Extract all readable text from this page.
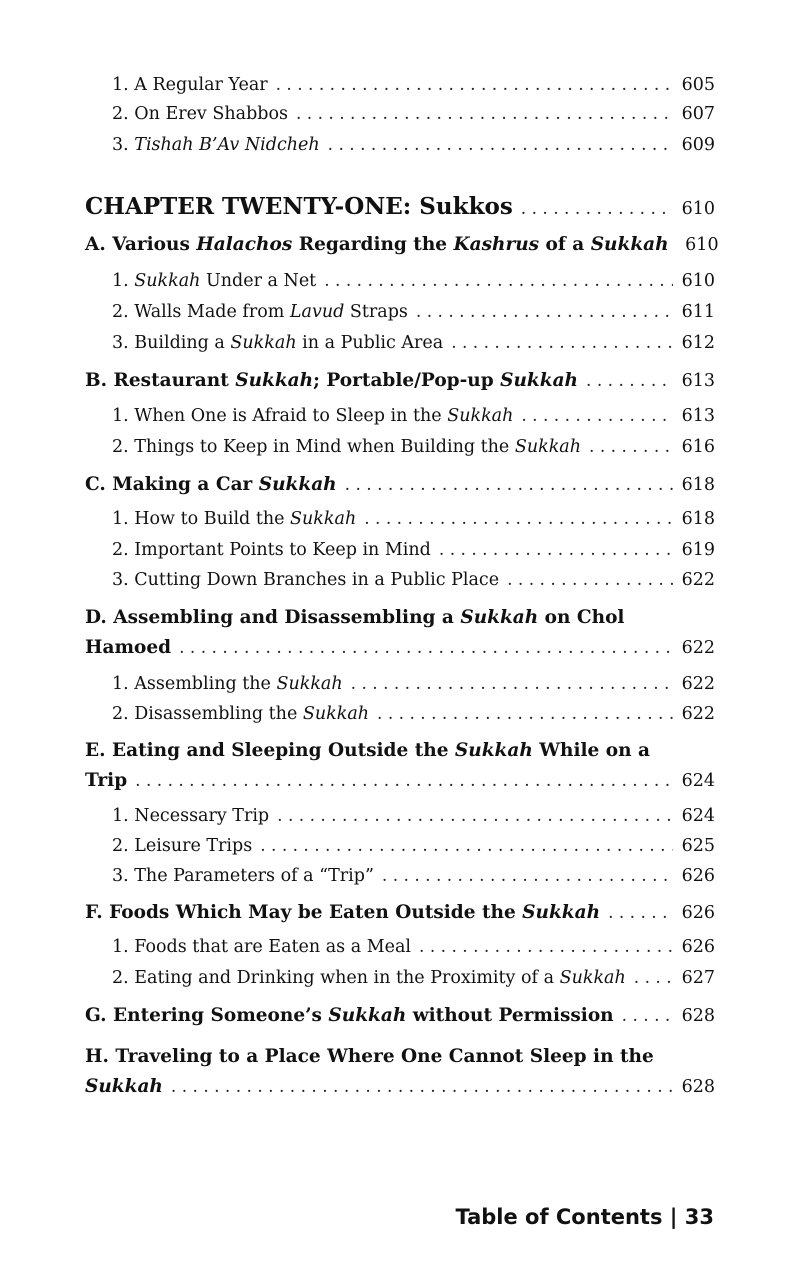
1. A Regular Year . . .	605
2. On Erev Shabbos . . .	607
3. Tishah B’Av Nidcheh . . .	609
CHAPTER TWENTY-ONE: Sukkos . . .	610
A. Various Halachos Regarding the Kashrus of a Sukkah 610
1. Sukkah Under a Net . . .	610
2. Walls Made from Lavud Straps . . .	611
3. Building a Sukkah in a Public Area . . .	612
B. Restaurant Sukkah; Portable/Pop-up Sukkah . . .	613
1. When One is Afraid to Sleep in the Sukkah . . .	613
2. Things to Keep in Mind when Building the Sukkah . . .	616
C. Making a Car Sukkah . . .	618
1. How to Build the Sukkah . . .	618
2. Important Points to Keep in Mind . . .	619
3. Cutting Down Branches in a Public Place . . .	622
D. Assembling and Disassembling a Sukkah on Chol
Hamoed . . .	622
1. Assembling the Sukkah . . .	622
2. Disassembling the Sukkah . . .	622
E. Eating and Sleeping Outside the Sukkah While on a
Trip . . .	624
1. Necessary Trip . . .	624
2. Leisure Trips . . .	625
3. The Parameters of a “Trip” . . .	626
F. Foods Which May be Eaten Outside the Sukkah . . .	626
1. Foods that are Eaten as a Meal . . .	626
2. Eating and Drinking when in the Proximity of a Sukkah . . .	627
G. Entering Someone’s Sukkah without Permission . . .	628
H. Traveling to a Place Where One Cannot Sleep in the
Sukkah . . .	628
Table of Contents | 33
